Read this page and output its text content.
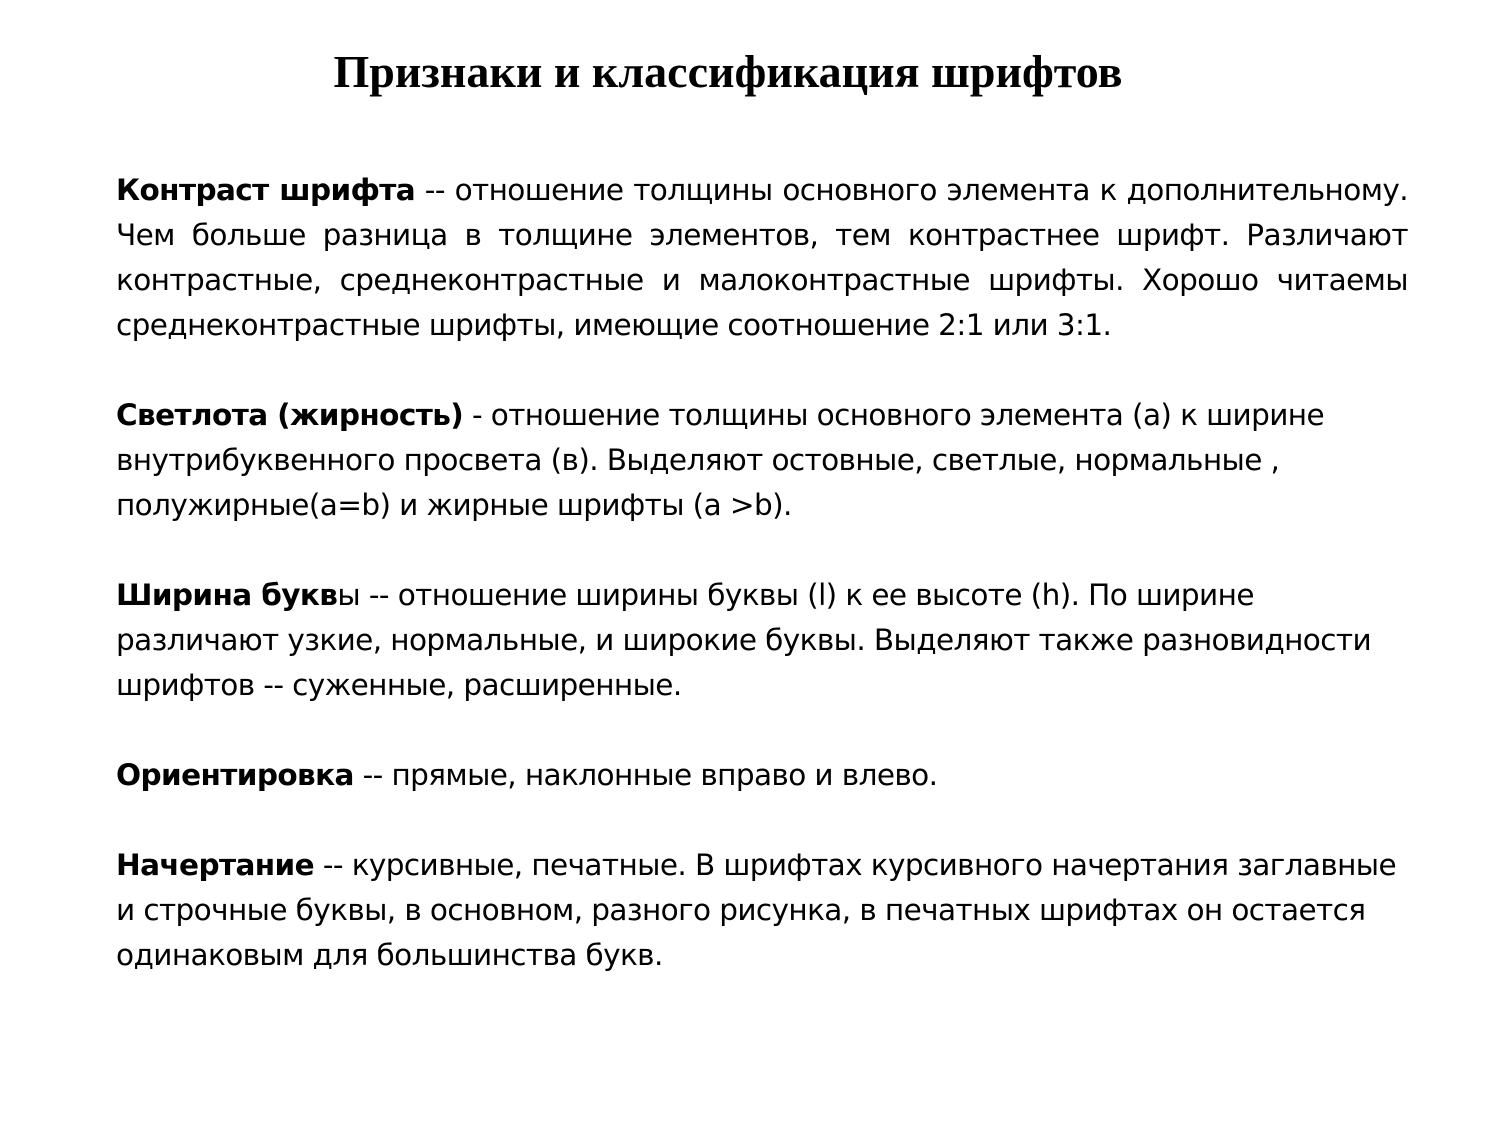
Признаки и классификация шрифтов

Контраст шрифта -- отношение толщины основного элемента к дополнительному. Чем больше разница в толщине элементов, тем контрастнее шрифт. Различают контрастные, среднеконтрастные и малоконтрастные шрифты. Хорошо читаемы среднеконтрастные шрифты, имеющие соотношение 2:1 или 3:1.

Светлота (жирность) - отношение толщины основного элемента (а) к ширине внутрибуквенного просвета (в). Выделяют остовные, светлые, нормальные , полужирные(a=b) и жирные шрифты (a >b).

Ширина буквы -- отношение ширины буквы (l) к ее высоте (h). По ширине различают узкие, нормальные, и широкие буквы. Выделяют также разновидности шрифтов -- суженные, расширенные.

Ориентировка -- прямые, наклонные вправо и влево.

Начертание -- курсивные, печатные. В шрифтах курсивного начертания заглавные и строчные буквы, в основном, разного рисунка, в печатных шрифтах он остается одинаковым для большинства букв.
